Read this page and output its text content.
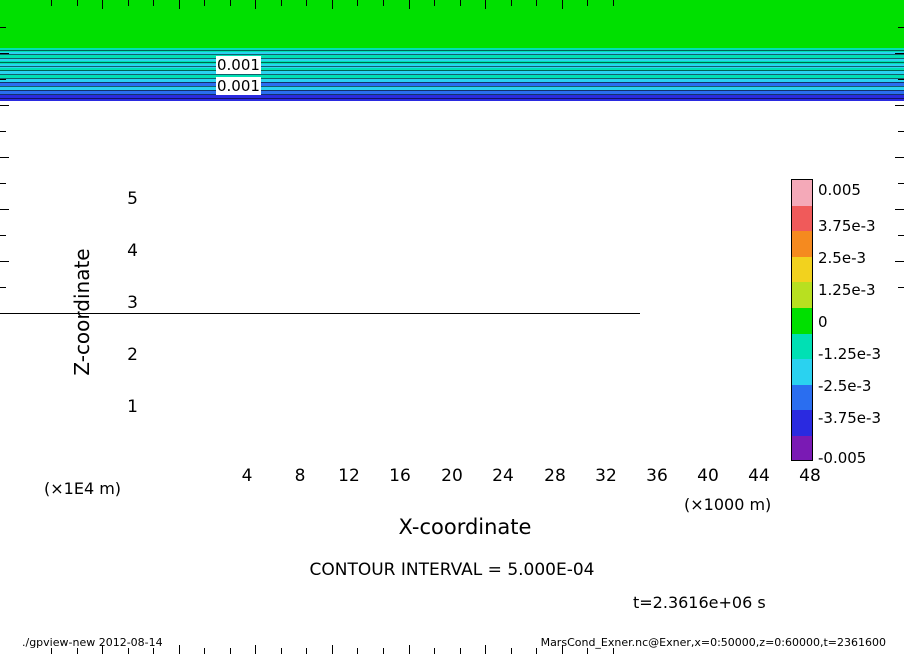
0.001
0.001
4	8	12	16	20	24	28	32	36	40	44	48
1
2
3
4
5
Z-coordinate
X-coordinate
(×1E4 m)
(×1000 m)
0.005
3.75e-3
2.5e-3
1.25e-3
0
-1.25e-3
-2.5e-3
-3.75e-3
-0.005
CONTOUR INTERVAL = 5.000E-04
t=2.3616e+06 s
./gpview-new 2012-08-14	MarsCond_Exner.nc@Exner,x=0:50000,z=0:60000,t=2361600
